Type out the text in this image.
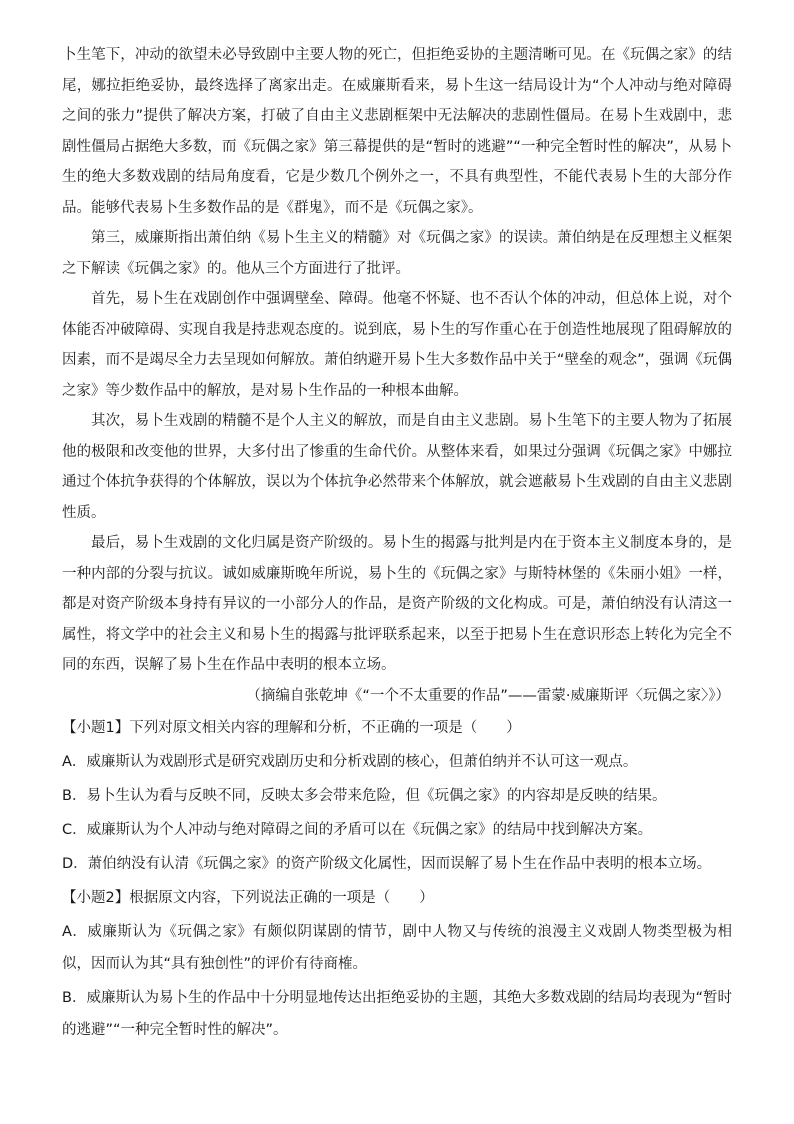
卜生笔下，冲动的欲望未必导致剧中主要人物的死亡，但拒绝妥协的主题清晰可见。在《玩偶之家》的结尾，娜拉拒绝妥协，最终选择了离家出走。在威廉斯看来，易卜生这一结局设计为“个人冲动与绝对障碍之间的张力”提供了解决方案，打破了自由主义悲剧框架中无法解决的悲剧性僵局。在易卜生戏剧中，悲剧性僵局占据绝大多数，而《玩偶之家》第三幕提供的是“暂时的逃避”“一种完全暂时性的解决”，从易卜生的绝大多数戏剧的结局角度看，它是少数几个例外之一，不具有典型性，不能代表易卜生的大部分作品。能够代表易卜生多数作品的是《群鬼》，而不是《玩偶之家》。

第三，威廉斯指出萧伯纳《易卜生主义的精髓》对《玩偶之家》的误读。萧伯纳是在反理想主义框架之下解读《玩偶之家》的。他从三个方面进行了批评。

首先，易卜生在戏剧创作中强调壁垒、障碍。他毫不怀疑、也不否认个体的冲动，但总体上说，对个体能否冲破障碍、实现自我是持悲观态度的。说到底，易卜生的写作重心在于创造性地展现了阻碍解放的因素，而不是竭尽全力去呈现如何解放。萧伯纳避开易卜生大多数作品中关于“壁垒的观念”，强调《玩偶之家》等少数作品中的解放，是对易卜生作品的一种根本曲解。

其次，易卜生戏剧的精髓不是个人主义的解放，而是自由主义悲剧。易卜生笔下的主要人物为了拓展他的极限和改变他的世界，大多付出了惨重的生命代价。从整体来看，如果过分强调《玩偶之家》中娜拉通过个体抗争获得的个体解放，误以为个体抗争必然带来个体解放，就会遮蔽易卜生戏剧的自由主义悲剧性质。

最后，易卜生戏剧的文化归属是资产阶级的。易卜生的揭露与批判是内在于资本主义制度本身的，是一种内部的分裂与抗议。诚如威廉斯晚年所说，易卜生的《玩偶之家》与斯特林堡的《朱丽小姐》一样，都是对资产阶级本身持有异议的一小部分人的作品，是资产阶级的文化构成。可是，萧伯纳没有认清这一属性，将文学中的社会主义和易卜生的揭露与批评联系起来，以至于把易卜生在意识形态上转化为完全不同的东西，误解了易卜生在作品中表明的根本立场。

（摘编自张乾坤《“一个不太重要的作品”——雷蒙·威廉斯评〈玩偶之家〉》）

【小题1】下列对原文相关内容的理解和分析，不正确的一项是（　　）

A．威廉斯认为戏剧形式是研究戏剧历史和分析戏剧的核心，但萧伯纳并不认可这一观点。

B．易卜生认为看与反映不同，反映太多会带来危险，但《玩偶之家》的内容却是反映的结果。

C．威廉斯认为个人冲动与绝对障碍之间的矛盾可以在《玩偶之家》的结局中找到解决方案。

D．萧伯纳没有认清《玩偶之家》的资产阶级文化属性，因而误解了易卜生在作品中表明的根本立场。

【小题2】根据原文内容，下列说法正确的一项是（　　）

A．威廉斯认为《玩偶之家》有颇似阴谋剧的情节，剧中人物又与传统的浪漫主义戏剧人物类型极为相似，因而认为其“具有独创性”的评价有待商榷。

B．威廉斯认为易卜生的作品中十分明显地传达出拒绝妥协的主题，其绝大多数戏剧的结局均表现为“暂时的逃避”“一种完全暂时性的解决”。
